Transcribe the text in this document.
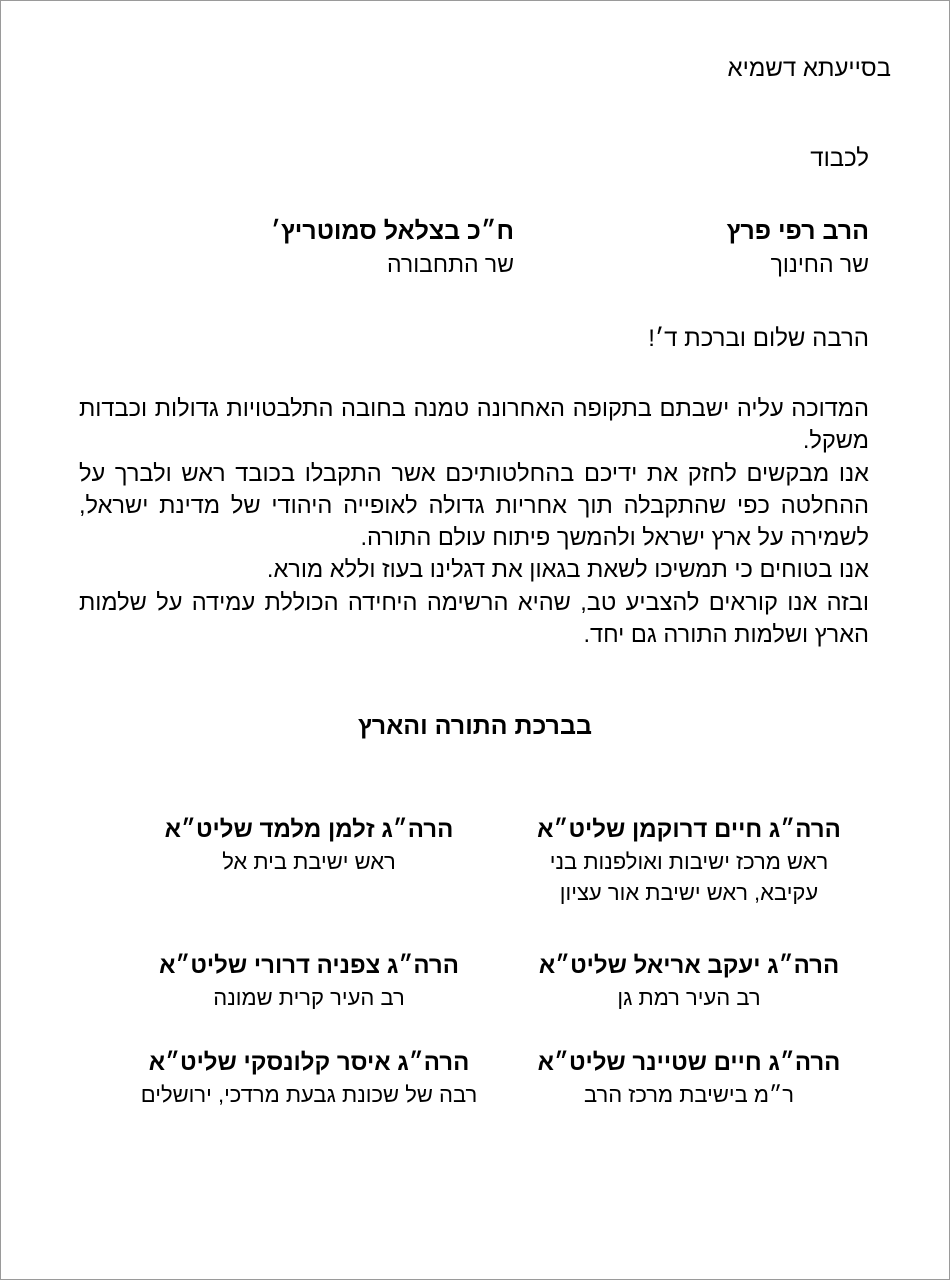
בסייעתא דשמיא
לכבוד
הרב רפי פרץ
שר החינוך
ח״כ בצלאל סמוטריץ׳
שר התחבורה
הרבה שלום וברכת ד׳!

המדוכה עליה ישבתם בתקופה האחרונה טמנה בחובה התלבטויות גדולות וכבדות משקל.

אנו מבקשים לחזק את ידיכם בהחלטותיכם אשר התקבלו בכובד ראש ולברך על ההחלטה כפי שהתקבלה תוך אחריות גדולה לאופייה היהודי של מדינת ישראל, לשמירה על ארץ ישראל ולהמשך פיתוח עולם התורה.

אנו בטוחים כי תמשיכו לשאת בגאון את דגלינו בעוז וללא מורא.

ובזה אנו קוראים להצביע טב, שהיא הרשימה היחידה הכוללת עמידה על שלמות הארץ ושלמות התורה גם יחד.

בברכת התורה והארץ
הרה״ג חיים דרוקמן שליט״א
ראש מרכז ישיבות ואולפנות בני עקיבא, ראש ישיבת אור עציון
הרה״ג זלמן מלמד שליט״א
ראש ישיבת בית אל
הרה״ג יעקב אריאל שליט״א
רב העיר רמת גן
הרה״ג צפניה דרורי שליט״א
רב העיר קרית שמונה
הרה״ג חיים שטיינר שליט״א
ר״מ בישיבת מרכז הרב
הרה״ג איסר קלונסקי שליט״א
רבה של שכונת גבעת מרדכי, ירושלים
